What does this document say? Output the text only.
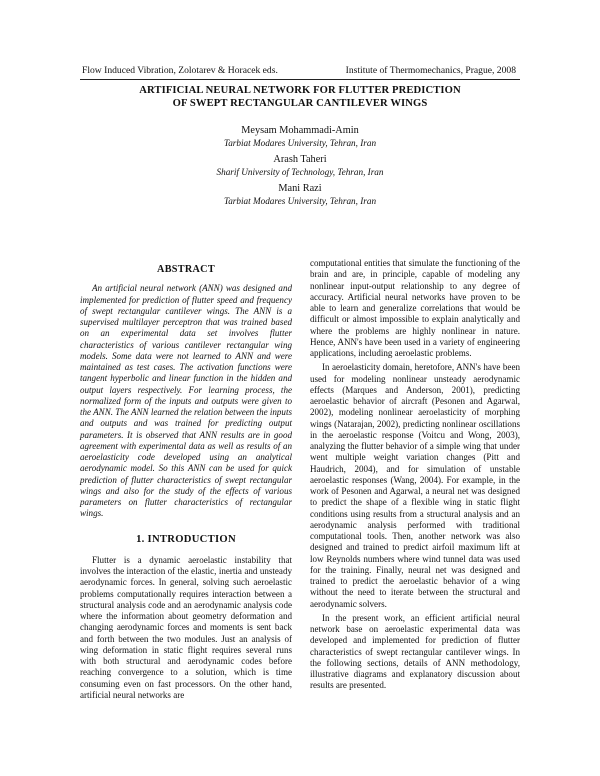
Flow Induced Vibration, Zolotarev & Horacek eds.	Institute of Thermomechanics, Prague, 2008
ARTIFICIAL NEURAL NETWORK FOR FLUTTER PREDICTION
OF SWEPT RECTANGULAR CANTILEVER WINGS
Meysam Mohammadi-Amin
Tarbiat Modares University, Tehran, Iran
Arash Taheri
Sharif University of Technology, Tehran, Iran
Mani Razi
Tarbiat Modares University, Tehran, Iran
ABSTRACT

An artificial neural network (ANN) was designed and implemented for prediction of flutter speed and frequency of swept rectangular cantilever wings. The ANN is a supervised multilayer perceptron that was trained based on an experimental data set involves flutter characteristics of various cantilever rectangular wing models. Some data were not learned to ANN and were maintained as test cases. The activation functions were tangent hyperbolic and linear function in the hidden and output layers respectively. For learning process, the normalized form of the inputs and outputs were given to the ANN. The ANN learned the relation between the inputs and outputs and was trained for predicting output parameters. It is observed that ANN results are in good agreement with experimental data as well as results of an aeroelasticity code developed using an analytical aerodynamic model. So this ANN can be used for quick prediction of flutter characteristics of swept rectangular wings and also for the study of the effects of various parameters on flutter characteristics of rectangular wings.

1. INTRODUCTION

Flutter is a dynamic aeroelastic instability that involves the interaction of the elastic, inertia and unsteady aerodynamic forces. In general, solving such aeroelastic problems computationally requires interaction between a structural analysis code and an aerodynamic analysis code where the information about geometry deformation and changing aerodynamic forces and moments is sent back and forth between the two modules. Just an analysis of wing deformation in static flight requires several runs with both structural and aerodynamic codes before reaching convergence to a solution, which is time consuming even on fast processors. On the other hand, artificial neural networks are

computational entities that simulate the functioning of the brain and are, in principle, capable of modeling any nonlinear input-output relationship to any degree of accuracy. Artificial neural networks have proven to be able to learn and generalize correlations that would be difficult or almost impossible to explain analytically and where the problems are highly nonlinear in nature. Hence, ANN's have been used in a variety of engineering applications, including aeroelastic problems.

In aeroelasticity domain, heretofore, ANN's have been used for modeling nonlinear unsteady aerodynamic effects (Marques and Anderson, 2001), predicting aeroelastic behavior of aircraft (Pesonen and Agarwal, 2002), modeling nonlinear aeroelasticity of morphing wings (Natarajan, 2002), predicting nonlinear oscillations in the aeroelastic response (Voitcu and Wong, 2003), analyzing the flutter behavior of a simple wing that under went multiple weight variation changes (Pitt and Haudrich, 2004), and for simulation of unstable aeroelastic responses (Wang, 2004). For example, in the work of Pesonen and Agarwal, a neural net was designed to predict the shape of a flexible wing in static flight conditions using results from a structural analysis and an aerodynamic analysis performed with traditional computational tools. Then, another network was also designed and trained to predict airfoil maximum lift at low Reynolds numbers where wind tunnel data was used for the training. Finally, neural net was designed and trained to predict the aeroelastic behavior of a wing without the need to iterate between the structural and aerodynamic solvers.

In the present work, an efficient artificial neural network base on aeroelastic experimental data was developed and implemented for prediction of flutter characteristics of swept rectangular cantilever wings. In the following sections, details of ANN methodology, illustrative diagrams and explanatory discussion about results are presented.
